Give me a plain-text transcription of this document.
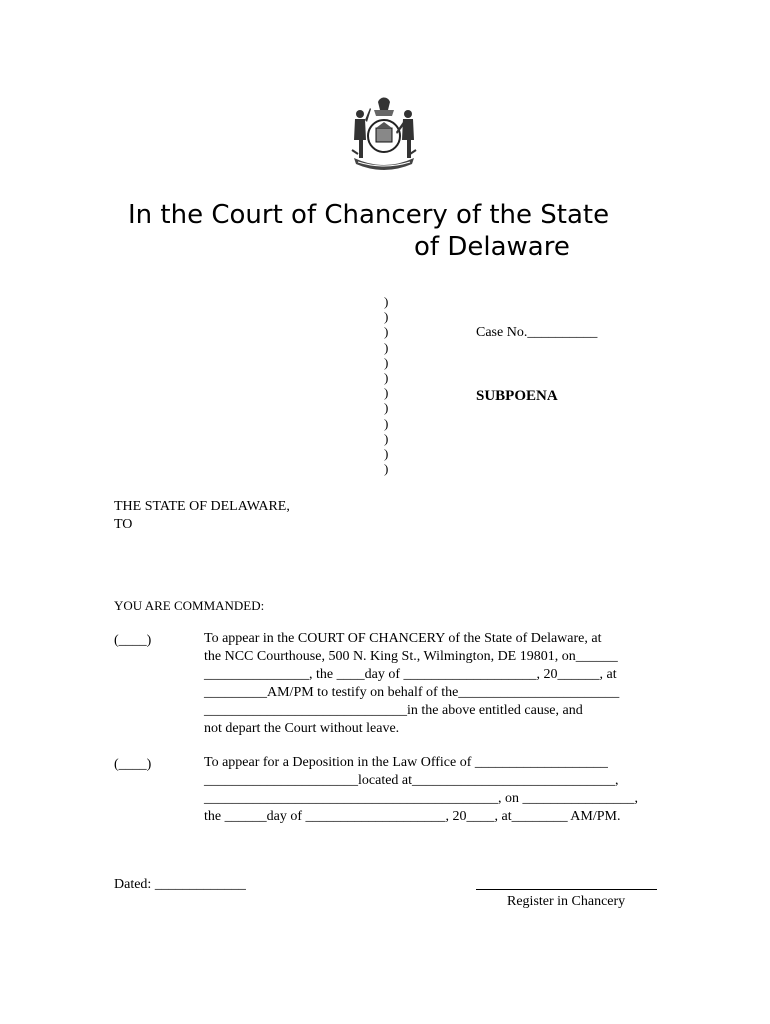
In the Court of Chancery of the State
of Delaware
)
)
)
)
)
)
)
)
)
)
)
)
Case No.__________
SUBPOENA
THE STATE OF DELAWARE,
TO
YOU ARE COMMANDED:
(____)	To appear in the COURT OF CHANCERY of the State of Delaware, at
the NCC Courthouse, 500 N. King St., Wilmington, DE 19801, on______
_______________, the ____day of ___________________, 20______, at
_________AM/PM to testify on behalf of the_______________________
_____________________________in the above entitled cause, and
not depart the Court without leave.
(____)	To appear for a Deposition in the Law Office of ___________________
______________________located at_____________________________,
__________________________________________, on ________________,
the ______day of ____________________, 20____, at________ AM/PM.
Dated: _____________
Register in Chancery
